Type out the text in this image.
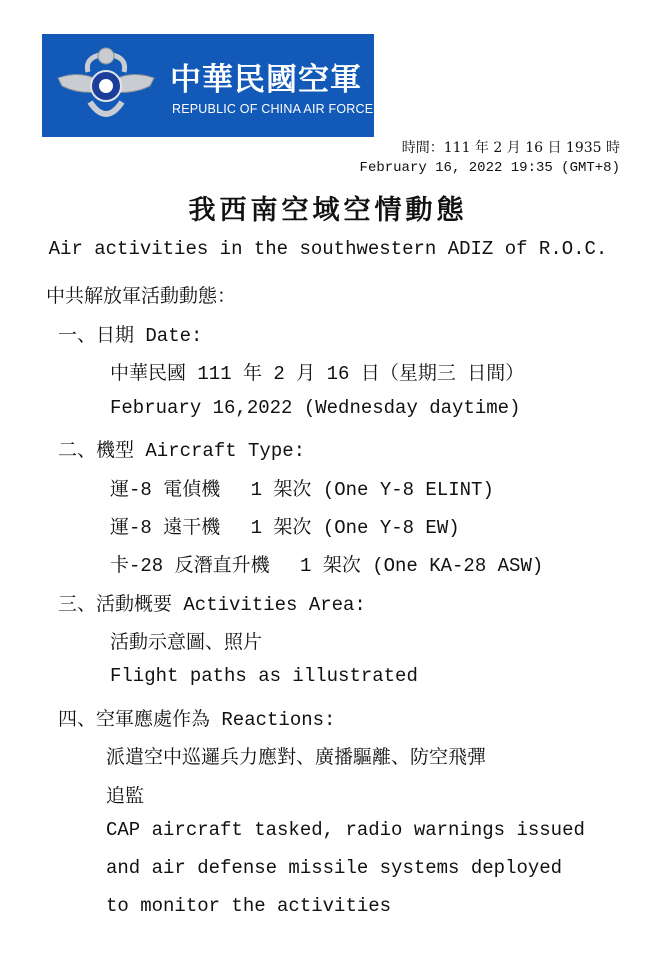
中華民國空軍
REPUBLIC OF CHINA AIR FORCE
時間：111 年 2 月 16 日 1935 時
February 16, 2022 19:35 (GMT+8)
我西南空域空情動態
Air activities in the southwestern ADIZ of R.O.C.
中共解放軍活動動態：
一、日期 Date:
中華民國 111 年 2 月 16 日（星期三 日間）
February 16,2022 (Wednesday daytime)
二、機型 Aircraft Type:
運-8 電偵機　 1 架次 (One Y-8 ELINT)
運-8 遠干機　 1 架次 (One Y-8 EW)
卡-28 反潛直升機　 1 架次 (One KA-28 ASW)
三、活動概要 Activities Area:
活動示意圖、照片
Flight paths as illustrated
四、空軍應處作為 Reactions:
派遣空中巡邏兵力應對、廣播驅離、防空飛彈
追監
CAP aircraft tasked, radio warnings issued
and air defense missile systems deployed
to monitor the activities
